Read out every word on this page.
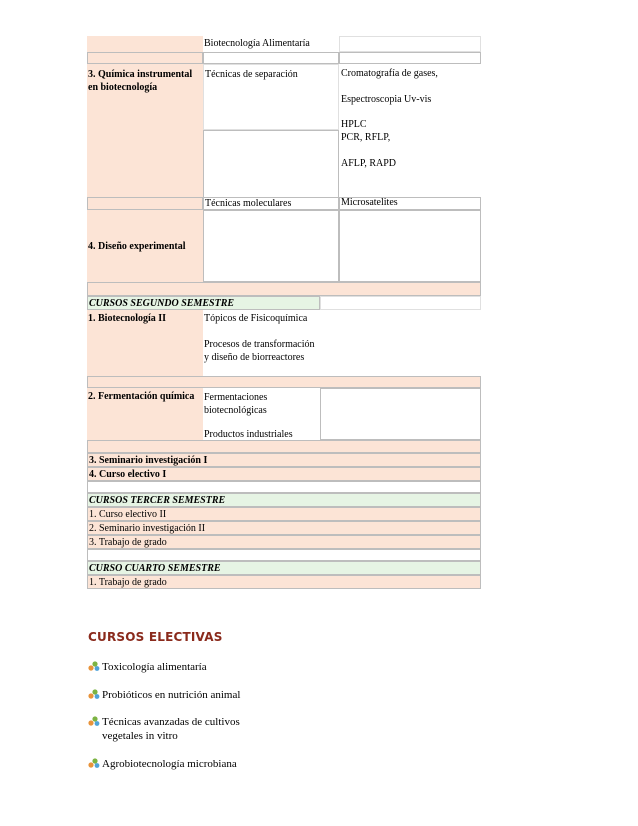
Biotecnología Alimentaría
3. Química instrumental en biotecnología
Técnicas de separación	Cromatografía de gases,
Espectroscopia Uv-vis
HPLC
Técnicas moleculares
PCR, RFLP,
AFLP, RAPD
Microsatelites
4. Diseño experimental
CURSOS SEGUNDO SEMESTRE
1. Biotecnología II	Tópicos de Fisicoquímica
Procesos de transformación y diseño de biorreactores
2. Fermentación química Fermentaciones biotecnológicas
Productos industriales
3. Seminario investigación I
4. Curso electivo I
CURSOS TERCER SEMESTRE
1. Curso electivo II
2. Seminario investigación II
3. Trabajo de grado
CURSO CUARTO SEMESTRE
1. Trabajo de grado
CURSOS ELECTIVAS
Toxicología alimentaría
Probióticos en nutrición animal
Técnicas avanzadas de cultivos vegetales in vitro
Agrobiotecnología microbiana
